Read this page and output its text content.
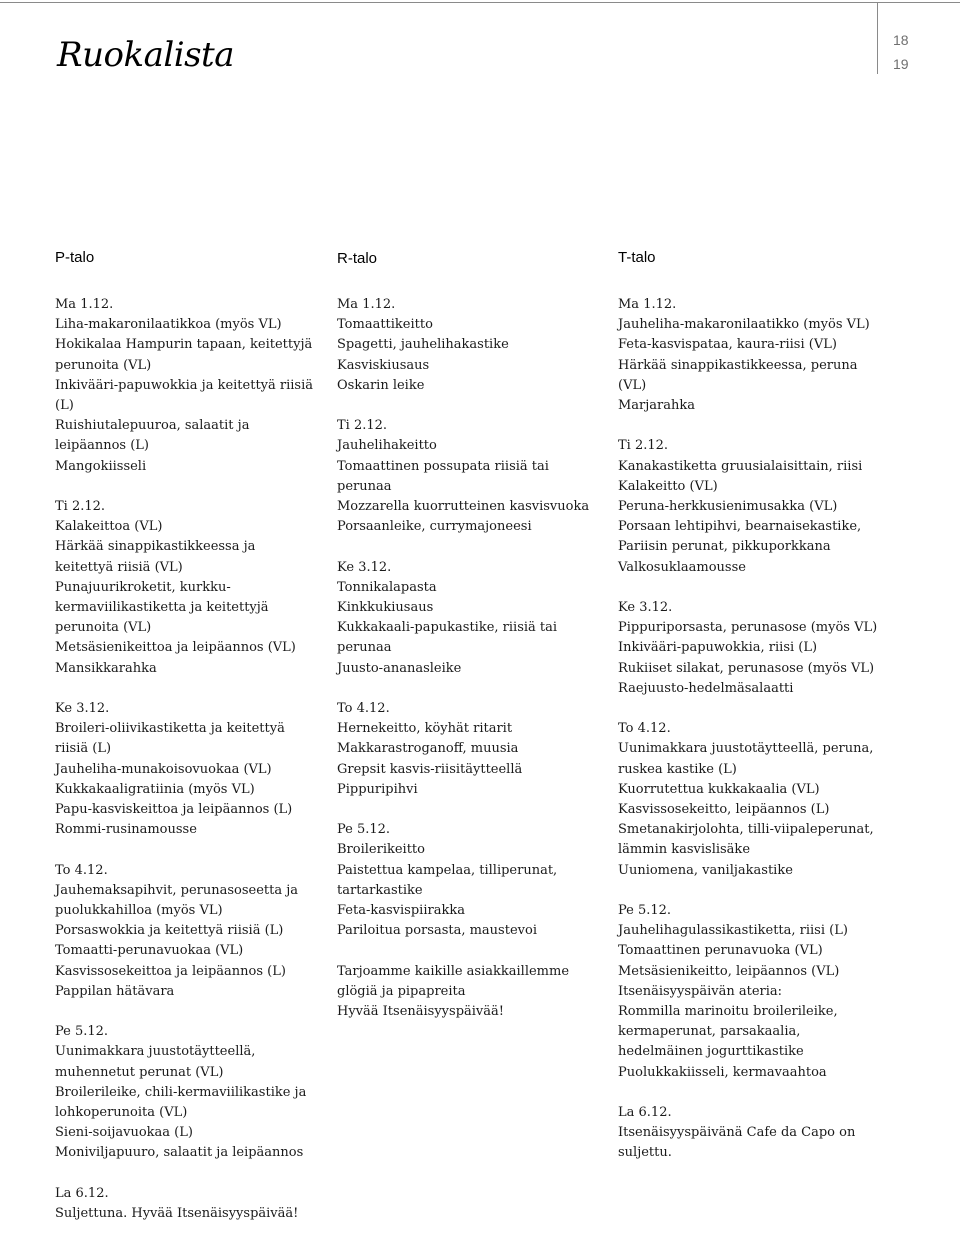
Ruokalista	18
19
P-talo
Ma 1.12.
Liha-makaronilaatikkoa (myös VL)
Hokikalaa Hampurin tapaan, keitettyjä perunoita (VL)
Inkivääri-papuwokkia ja keitettyä riisiä (L)
Ruishiutalepuuroa, salaatit ja leipäannos (L)
Mangokiisseli
Ti 2.12.
Kalakeittoa (VL)
Härkää sinappikastikkeessa ja keitettyä riisiä (VL)
Punajuurikroketit, kurkku-kermaviilikastiketta ja keitettyjä perunoita (VL)
Metsäsienikeittoa ja leipäannos (VL)
Mansikkarahka
Ke 3.12.
Broileri-oliivikastiketta ja keitettyä riisiä (L)
Jauheliha-munakoisovuokaa (VL)
Kukkakaaligratiinia (myös VL)
Papu-kasviskeittoa ja leipäannos (L)
Rommi-rusinamousse
To 4.12.
Jauhemaksapihvit, perunasoseetta ja puolukkahilloa (myös VL)
Porsaswokkia ja keitettyä riisiä (L)
Tomaatti-perunavuokaa (VL)
Kasvissosekeittoa ja leipäannos (L)
Pappilan hätävara
Pe 5.12.
Uunimakkara juustotäytteellä, muhennetut perunat (VL)
Broilerileike, chili-kermaviilikastike ja lohkoperunoita (VL)
Sieni-soijavuokaa (L)
Moniviljapuuro, salaatit ja leipäannos
La 6.12.
Suljettuna. Hyvää Itsenäisyyspäivää!
R-talo
Ma 1.12.
Tomaattikeitto
Spagetti, jauhelihakastike
Kasviskiusaus
Oskarin leike
Ti 2.12.
Jauhelihakeitto
Tomaattinen possupata riisiä tai perunaa
Mozzarella kuorrutteinen kasvisvuoka
Porsaanleike, currymajoneesi
Ke 3.12.
Tonnikalapasta
Kinkkukiusaus
Kukkakaali-papukastike, riisiä tai perunaa
Juusto-ananasleike
To 4.12.
Hernekeitto, köyhät ritarit
Makkarastroganoff, muusia
Grepsit kasvis-riisitäytteellä
Pippuripihvi
Pe 5.12.
Broilerikeitto
Paistettua kampelaa, tilliperunat, tartarkastike
Feta-kasvispiirakka
Pariloitua porsasta, maustevoi
Tarjoamme kaikille asiakkaillemme glögiä ja pipapreita
Hyvää Itsenäisyyspäivää!
T-talo
Ma 1.12.
Jauheliha-makaronilaatikko (myös VL)
Feta-kasvispataa, kaura-riisi (VL)
Härkää sinappikastikkeessa, peruna (VL)
Marjarahka
Ti 2.12.
Kanakastiketta gruusialaisittain, riisi
Kalakeitto (VL)
Peruna-herkkusienimusakka (VL)
Porsaan lehtipihvi, bearnaisekastike, Pariisin perunat, pikkuporkkana
Valkosuklaamousse
Ke 3.12.
Pippuriporsasta, perunasose (myös VL)
Inkivääri-papuwokkia, riisi (L)
Rukiiset silakat, perunasose (myös VL)
Raejuusto-hedelmäsalaatti
To 4.12.
Uunimakkara juustotäytteellä, peruna, ruskea kastike (L)
Kuorrutettua kukkakaalia (VL)
Kasvissosekeitto, leipäannos (L)
Smetanakirjolohta, tilli-viipaleperunat, lämmin kasvislisäke
Uuniomena, vaniljakastike
Pe 5.12.
Jauhelihagulassikastiketta, riisi (L)
Tomaattinen perunavuoka (VL)
Metsäsienikeitto, leipäannos (VL)
Itsenäisyyspäivän ateria:
Rommilla marinoitu broilerileike, kermaperunat, parsakaalia, hedelmäinen jogurttikastike
Puolukkakiisseli, kermavaahtoa
La 6.12.
Itsenäisyyspäivänä Cafe da Capo on suljettu.
